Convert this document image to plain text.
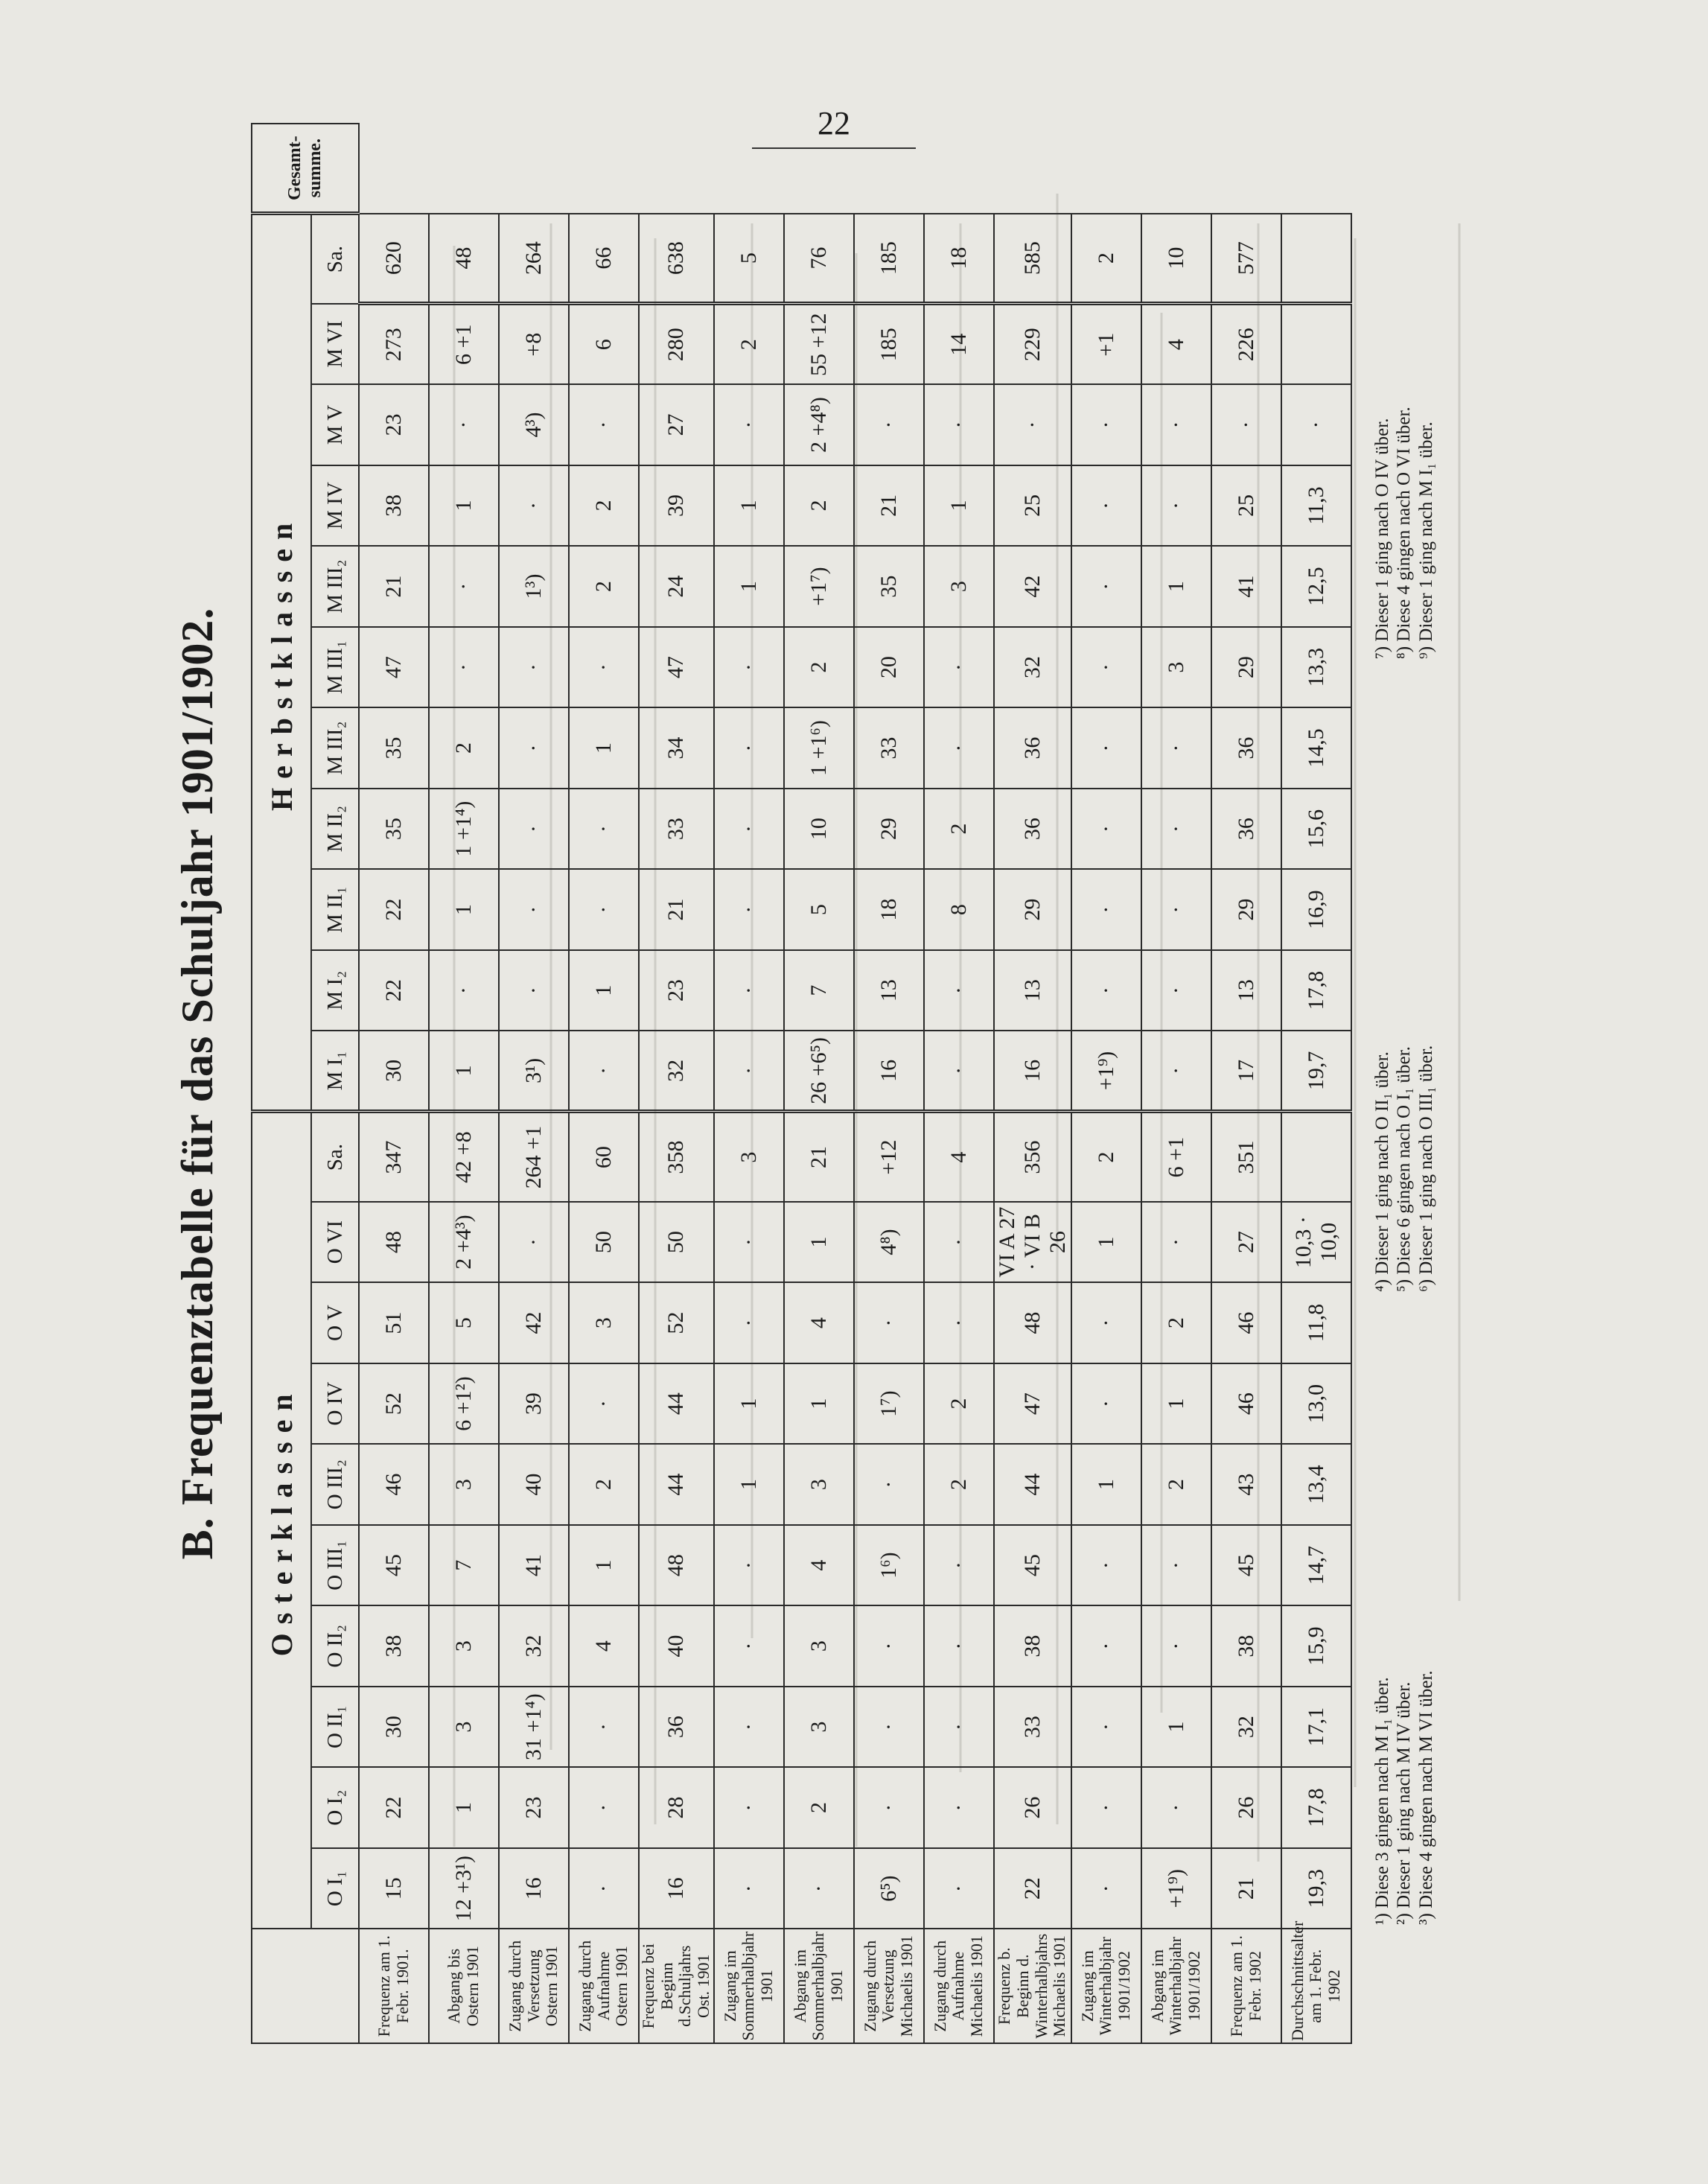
22
B. Frequenztabelle für das Schuljahr 1901/1902.
		Osterklassen										Herbstklassen											Gesamt-summe.
	O I₁	O I₂	O II₁	O II₂	O III₁	O III₂	O IV	O V	O VI	Sa.	M I₁	M I₂	M II₁	M II₂	M III₂	M III₁	M III₂	M IV	M V	M VI	Sa.	
Frequenz am 1. Febr. 1901.	15	22	30	38	45	46	52	51	48	347	30	22	22	35	35	47	21	38	23	273	620	
Abgang bis Ostern 1901	12 +3¹)	1	3	3	7	3	6 +1²)	5	2 +4³)	42 +8	1	·	1	1 +1⁴)	2	·	·	1	·	6 +1	48	
Zugang durch Versetzung Ostern 1901	16	23	31 +1⁴)	32	41	40	39	42	·	264 +1	3¹)	·	·	·	·	·	1³)	·	4³)	+8	264	
Zugang durch Aufnahme Ostern 1901	·	·	·	4	1	2	·	3	50	60	·	1	·	·	1	·	2	2	·	6	66	
Frequenz bei Beginn d.Schuljahrs Ost. 1901	16	28	36	40	48	44	44	52	50	358	32	23	21	33	34	47	24	39	27	280	638	
Zugang im Sommerhalbjahr 1901	·	·	·	·	·	1	1	·	·	3	·	·	·	·	·	·	1	1	·	2	5	
Abgang im Sommerhalbjahr 1901	·	2	3	3	4	3	1	4	1	21	26 +6⁵)	7	5	10	1 +1⁶)	2	+1⁷)	2	2 +4⁸)	55 +12	76	
Zugang durch Versetzung Michaelis 1901	6⁵)	·	·	·	1⁶)	·	1⁷)	·	4⁸)	+12	16	13	18	29	33	20	35	21	·	185	185	
Zugang durch Aufnahme Michaelis 1901	·	·	·	·	·	2	2	·	·	4	·	·	8	2	·	·	3	1	·	14	18	
Frequenz b. Beginn d. Winterhalbjahrs Michaelis 1901	22	26	33	38	45	44	47	48	VI A 27 · VI B 26	356	16	13	29	36	36	32	42	25	·	229	585	
Zugang im Winterhalbjahr 1901/1902	·	·	·	·	·	1	·	·	1	2	+1⁹)	·	·	·	·	·	·	·	·	+1	2	
Abgang im Winterhalbjahr 1901/1902	+1⁹)	·	1	·	·	2	1	2	·	6 +1	·	·	·	·	·	3	1	·	·	4	10	
Frequenz am 1. Febr. 1902	21	26	32	38	45	43	46	46	27	351	17	13	29	36	36	29	41	25	·	226	577	
Durchschnittsalter am 1. Febr. 1902	19,3	17,8	17,1	15,9	14,7	13,4	13,0	11,8	10,3 · 10,0		19,7	17,8	16,9	15,6	14,5	13,3	12,5	11,3	·			
¹) Diese 3 gingen nach M I₁ über. ²) Dieser 1 ging nach M IV über. ³) Diese 4 gingen nach M VI über.
⁴) Dieser 1 ging nach O II₁ über. ⁵) Diese 6 gingen nach O I₁ über. ⁶) Dieser 1 ging nach O III₁ über.
⁷) Dieser 1 ging nach O IV über. ⁸) Diese 4 gingen nach O VI über. ⁹) Dieser 1 ging nach M I₁ über.
